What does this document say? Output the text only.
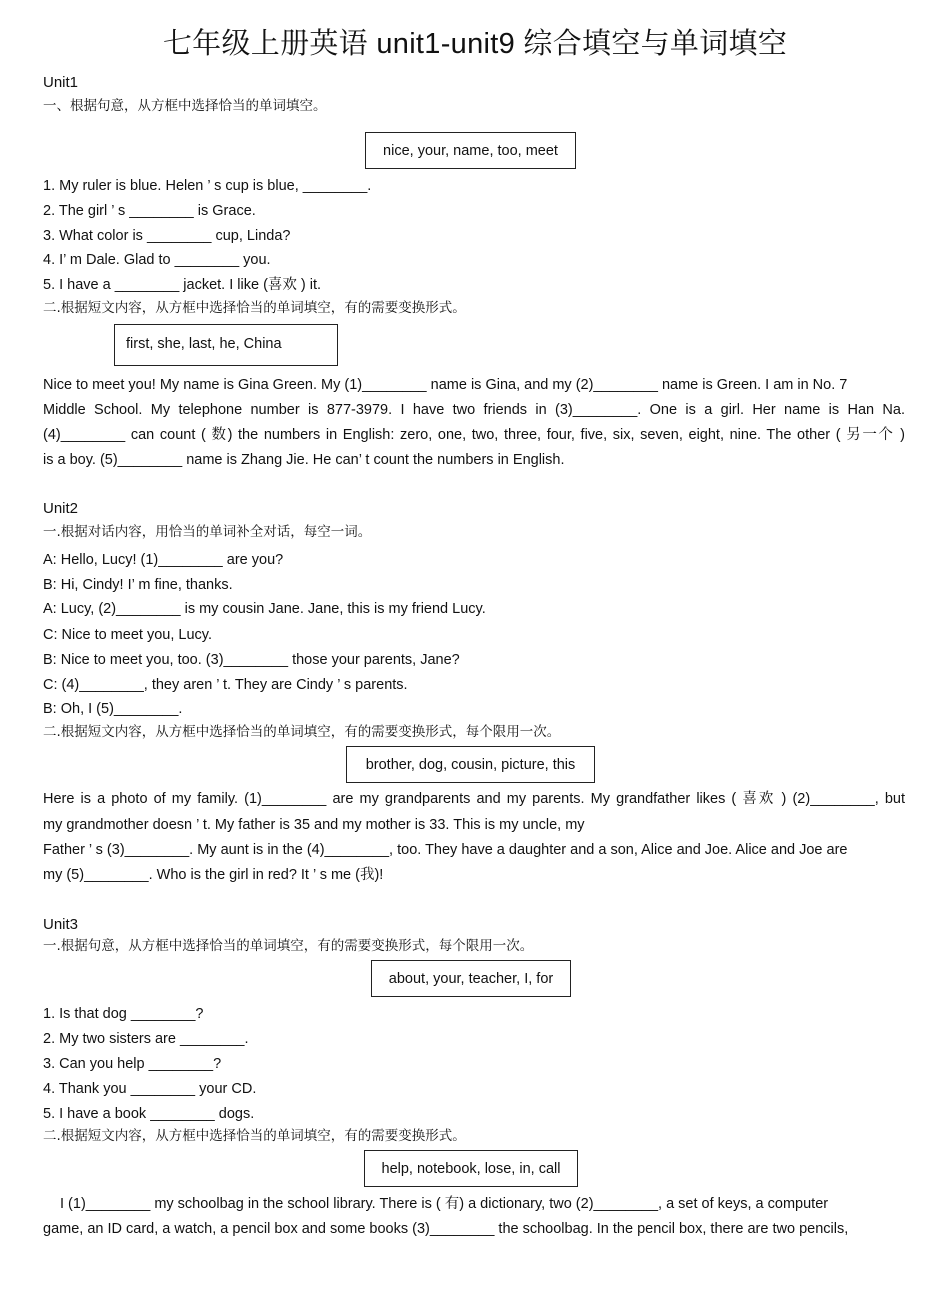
七年级上册英语 unit1-unit9 综合填空与单词填空
Unit1
一、根据句意，从方框中选择恰当的单词填空。
nice, your, name, too, meet
1. My ruler is blue. Helen ’ s cup is blue, ________.
2. The girl ’ s ________ is Grace.
3. What color is ________ cup, Linda?
4. I’ m Dale. Glad to ________ you.
5. I have a ________ jacket. I like (喜欢 ) it.
二.根据短文内容，从方框中选择恰当的单词填空，有的需要变换形式。
first, she, last, he, China
Nice to meet you! My name is Gina Green. My (1)________ name is Gina, and my (2)________ name is Green. I am in No. 7
Middle School. My telephone number is 877-3979. I have two friends in (3)________. One is a girl. Her name is Han Na.
(4)________ can count ( 数) the numbers in English: zero, one, two, three, four, five, six, seven, eight, nine. The other ( 另一个 )
is a boy. (5)________ name is Zhang Jie. He can’ t count the numbers in English.
Unit2
一.根据对话内容，用恰当的单词补全对话，每空一词。
A: Hello, Lucy! (1)________ are you?
B: Hi, Cindy! I’ m fine, thanks.
A: Lucy, (2)________ is my cousin Jane. Jane, this is my friend Lucy.
C: Nice to meet you, Lucy.
B: Nice to meet you, too. (3)________ those your parents, Jane?
C: (4)________, they aren ’ t. They are Cindy ’ s parents.
B: Oh, I (5)________.
二.根据短文内容，从方框中选择恰当的单词填空，有的需要变换形式，每个限用一次。
brother, dog, cousin, picture, this
Here is a photo of my family. (1)________ are my grandparents and my parents. My grandfather likes ( 喜欢 ) (2)________, but
my grandmother doesn ’ t. My father is 35 and my mother is 33. This is my uncle, my
Father ’ s (3)________. My aunt is in the (4)________, too. They have a daughter and a son, Alice and Joe. Alice and Joe are
my (5)________. Who is the girl in red? It ’ s me (我)!
Unit3
一.根据句意，从方框中选择恰当的单词填空，有的需要变换形式，每个限用一次。
about, your, teacher, I, for
1. Is that dog ________?
2. My two sisters are ________.
3. Can you help ________?
4. Thank you ________ your CD.
5. I have a book ________ dogs.
二.根据短文内容，从方框中选择恰当的单词填空，有的需要变换形式。
help, notebook, lose, in, call
I (1)________ my schoolbag in the school library. There is ( 有) a dictionary, two (2)________, a set of keys, a computer
game, an ID card, a watch, a pencil box and some books (3)________ the schoolbag. In the pencil box, there are two pencils,
